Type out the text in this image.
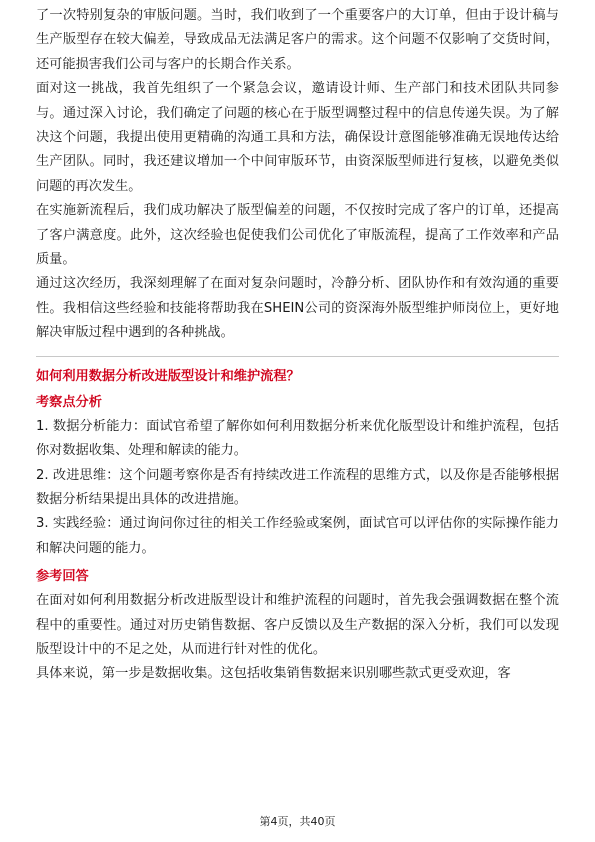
了一次特别复杂的审版问题。当时，我们收到了一个重要客户的大订单，但由于设计稿与生产版型存在较大偏差，导致成品无法满足客户的需求。这个问题不仅影响了交货时间，还可能损害我们公司与客户的长期合作关系。

面对这一挑战，我首先组织了一个紧急会议，邀请设计师、生产部门和技术团队共同参与。通过深入讨论，我们确定了问题的核心在于版型调整过程中的信息传递失误。为了解决这个问题，我提出使用更精确的沟通工具和方法，确保设计意图能够准确无误地传达给生产团队。同时，我还建议增加一个中间审版环节，由资深版型师进行复核，以避免类似问题的再次发生。

在实施新流程后，我们成功解决了版型偏差的问题，不仅按时完成了客户的订单，还提高了客户满意度。此外，这次经验也促使我们公司优化了审版流程，提高了工作效率和产品质量。

通过这次经历，我深刻理解了在面对复杂问题时，冷静分析、团队协作和有效沟通的重要性。我相信这些经验和技能将帮助我在SHEIN公司的资深海外版型维护师岗位上，更好地解决审版过程中遇到的各种挑战。

如何利用数据分析改进版型设计和维护流程？
考察点分析

1. 数据分析能力：面试官希望了解你如何利用数据分析来优化版型设计和维护流程，包括你对数据收集、处理和解读的能力。

2. 改进思维：这个问题考察你是否有持续改进工作流程的思维方式，以及你是否能够根据数据分析结果提出具体的改进措施。

3. 实践经验：通过询问你过往的相关工作经验或案例，面试官可以评估你的实际操作能力和解决问题的能力。

参考回答

在面对如何利用数据分析改进版型设计和维护流程的问题时，首先我会强调数据在整个流程中的重要性。通过对历史销售数据、客户反馈以及生产数据的深入分析，我们可以发现版型设计中的不足之处，从而进行针对性的优化。

具体来说，第一步是数据收集。这包括收集销售数据来识别哪些款式更受欢迎，客

第4页，共40页
